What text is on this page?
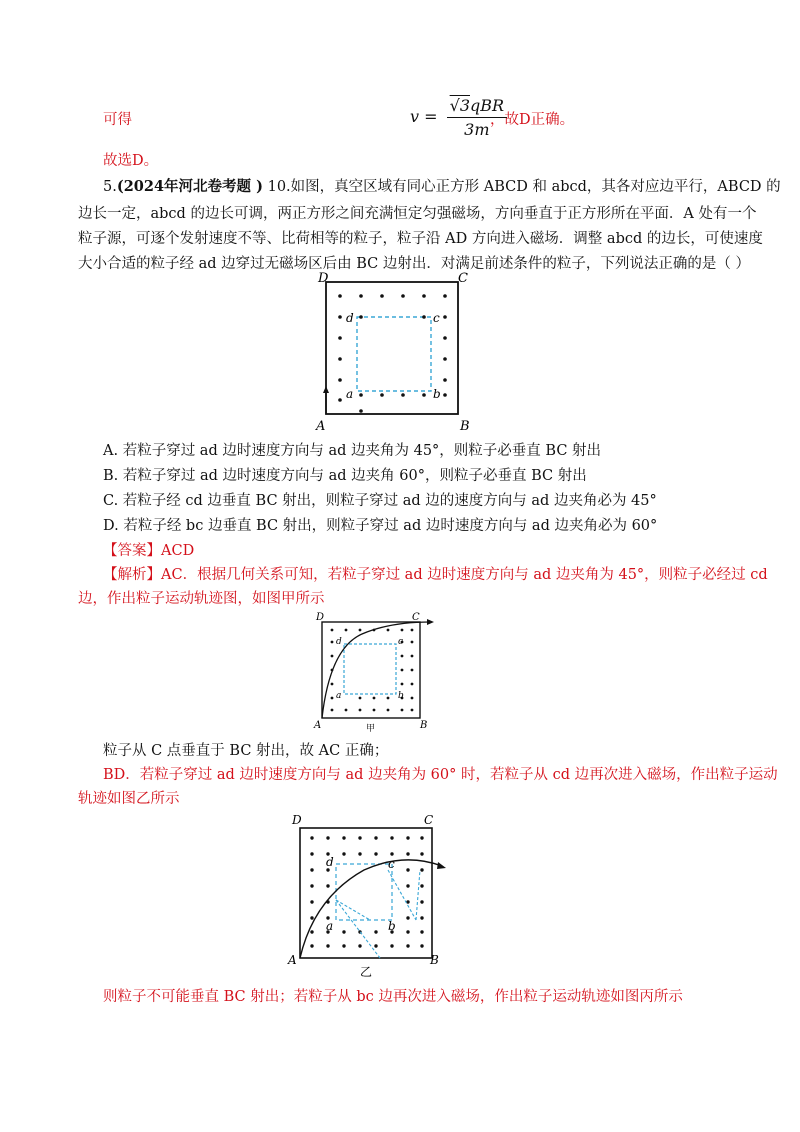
可得	$v = \frac{\text{√3qBR}}{3m}$
，故D正确。
故选D。
5.(2024年河北卷考题 ) 10.如图，真空区域有同心正方形 ABCD 和 abcd，其各对应边平行，ABCD 的
边长一定，abcd 的边长可调，两正方形之间充满恒定匀强磁场，方向垂直于正方形所在平面．A 处有一个
粒子源，可逐个发射速度不等、比荷相等的粒子，粒子沿 AD 方向进入磁场．调整 abcd 的边长，可使速度
大小合适的粒子经 ad 边穿过无磁场区后由 BC 边射出．对满足前述条件的粒子，下列说法正确的是（ ）
D	C
A	B
d	c
a	b
A. 若粒子穿过 ad 边时速度方向与 ad 边夹角为 45°，则粒子必垂直 BC 射出
B. 若粒子穿过 ad 边时速度方向与 ad 边夹角 60°，则粒子必垂直 BC 射出
C. 若粒子经 cd 边垂直 BC 射出，则粒子穿过 ad 边的速度方向与 ad 边夹角必为 45°
D. 若粒子经 bc 边垂直 BC 射出，则粒子穿过 ad 边时速度方向与 ad 边夹角必为 60°
【答案】ACD
【解析】AC．根据几何关系可知，若粒子穿过 ad 边时速度方向与 ad 边夹角为 45°，则粒子必经过 cd
边，作出粒子运动轨迹图，如图甲所示
D	C
A	B
d	c
a	b
甲
粒子从 C 点垂直于 BC 射出，故 AC 正确；
BD．若粒子穿过 ad 边时速度方向与 ad 边夹角为 60° 时，若粒子从 cd 边再次进入磁场，作出粒子运动
轨迹如图乙所示
D	C
A	B
d	c
a	b
乙
则粒子不可能垂直 BC 射出；若粒子从 bc 边再次进入磁场，作出粒子运动轨迹如图丙所示
